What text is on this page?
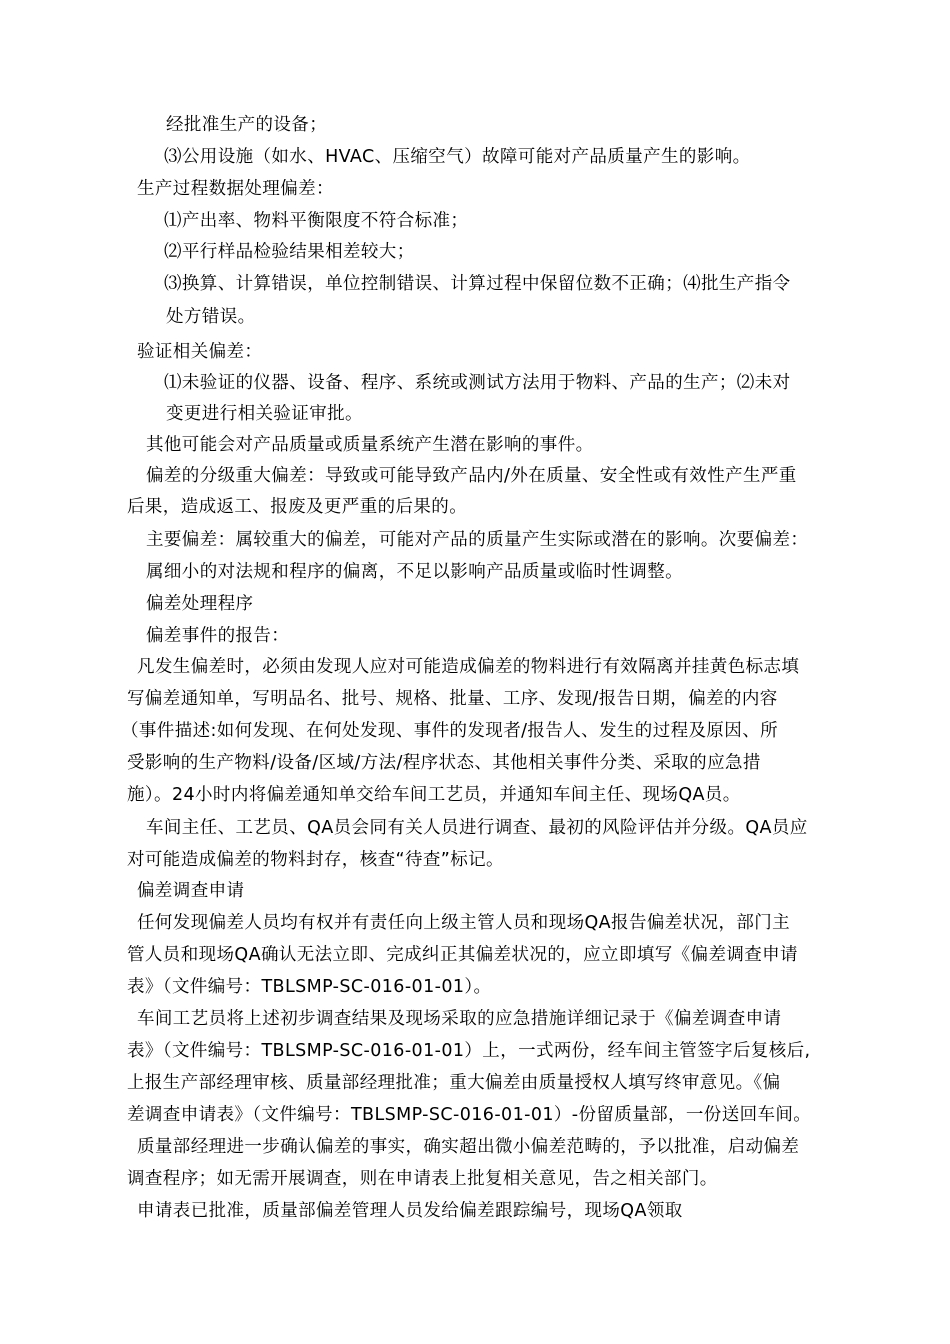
经批准生产的设备；
⑶公用设施（如水、HVAC、压缩空气）故障可能对产品质量产生的影响。
生产过程数据处理偏差：
⑴产出率、物料平衡限度不符合标准；
⑵平行样品检验结果相差较大；
⑶换算、计算错误，单位控制错误、计算过程中保留位数不正确；⑷批生产指令
处方错误。
验证相关偏差：
⑴未验证的仪器、设备、程序、系统或测试方法用于物料、产品的生产；⑵未对
变更进行相关验证审批。
其他可能会对产品质量或质量系统产生潜在影响的事件。
偏差的分级重大偏差：导致或可能导致产品内/外在质量、安全性或有效性产生严重
后果，造成返工、报废及更严重的后果的。
主要偏差：属较重大的偏差，可能对产品的质量产生实际或潜在的影响。次要偏差：
属细小的对法规和程序的偏离，不足以影响产品质量或临时性调整。
偏差处理程序
偏差事件的报告：
凡发生偏差时，必须由发现人应对可能造成偏差的物料进行有效隔离并挂黄色标志填
写偏差通知单，写明品名、批号、规格、批量、工序、发现/报告日期，偏差的内容
（事件描述:如何发现、在何处发现、事件的发现者/报告人、发生的过程及原因、所
受影响的生产物料/设备/区域/方法/程序状态、其他相关事件分类、采取的应急措
施）。24小时内将偏差通知单交给车间工艺员，并通知车间主任、现场QA员。
车间主任、工艺员、QA员会同有关人员进行调查、最初的风险评估并分级。QA员应
对可能造成偏差的物料封存，核查“待查”标记。
偏差调查申请
任何发现偏差人员均有权并有责任向上级主管人员和现场QA报告偏差状况，部门主
管人员和现场QA确认无法立即、完成纠正其偏差状况的，应立即填写《偏差调查申请
表》（文件编号：TBLSMP-SC-016-01-01）。
车间工艺员将上述初步调查结果及现场采取的应急措施详细记录于《偏差调查申请
表》（文件编号：TBLSMP-SC-016-01-01）上，一式两份，经车间主管签字后复核后,
上报生产部经理审核、质量部经理批准；重大偏差由质量授权人填写终审意见。《偏
差调查申请表》（文件编号：TBLSMP-SC-016-01-01）-份留质量部，一份送回车间。
质量部经理进一步确认偏差的事实，确实超出微小偏差范畴的，予以批准，启动偏差
调查程序；如无需开展调查，则在申请表上批复相关意见，告之相关部门。
申请表已批准，质量部偏差管理人员发给偏差跟踪编号，现场QA领取
